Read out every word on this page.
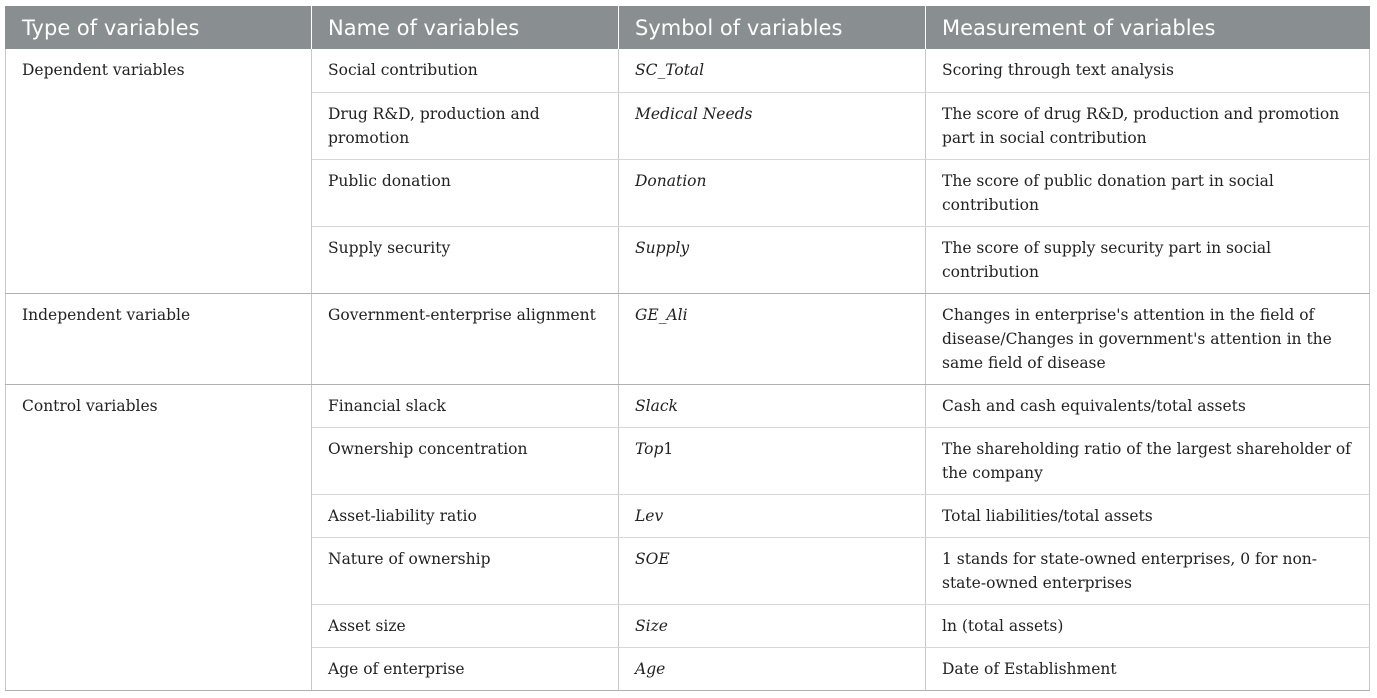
Type of variables	Name of variables	Symbol of variables	Measurement of variables
Dependent variables	Social contribution	SC_Total	Scoring through text analysis
	Drug R&D, production and promotion	Medical Needs	The score of drug R&D, production and promotion part in social contribution
	Public donation	Donation	The score of public donation part in social contribution
	Supply security	Supply	The score of supply security part in social contribution
Independent variable	Government-enterprise alignment	GE_Ali	Changes in enterprise's attention in the field of disease/Changes in government's attention in the same field of disease
Control variables	Financial slack	Slack	Cash and cash equivalents/total assets
	Ownership concentration	Top1	The shareholding ratio of the largest shareholder of the company
	Asset-liability ratio	Lev	Total liabilities/total assets
	Nature of ownership	SOE	1 stands for state-owned enterprises, 0 for non-state-owned enterprises
	Asset size	Size	ln (total assets)
	Age of enterprise	Age	Date of Establishment
